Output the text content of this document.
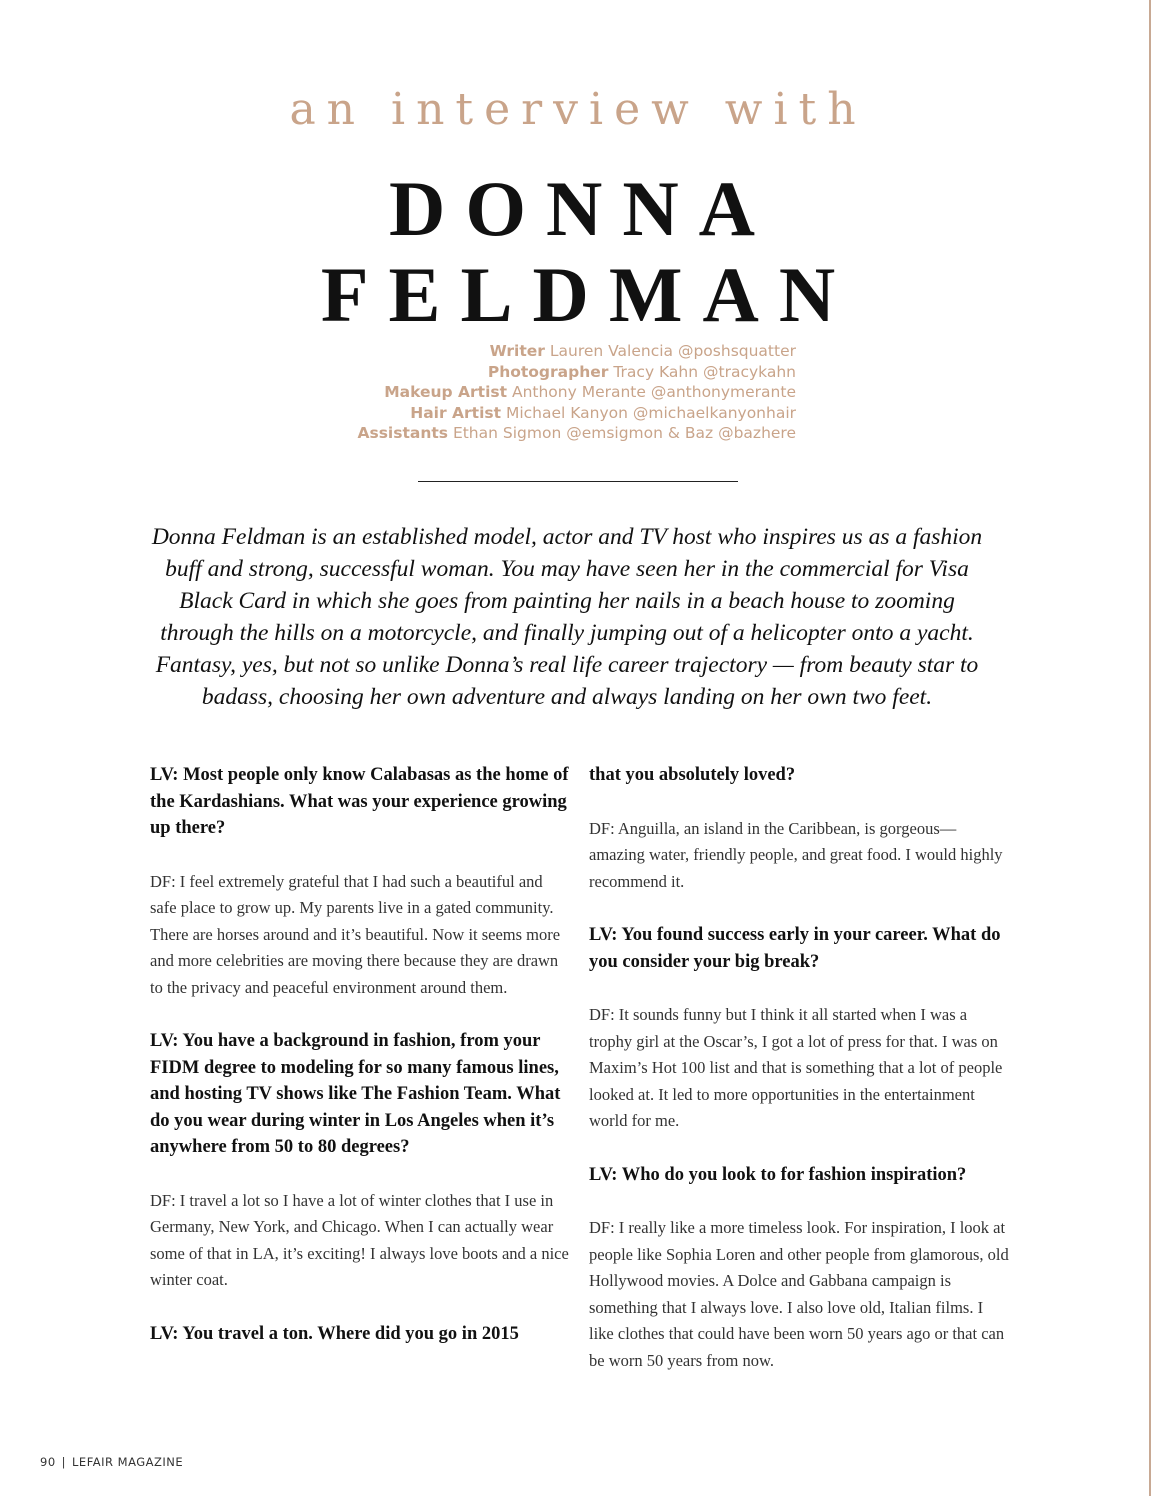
an interview with
DONNA
FELDMAN
Writer Lauren Valencia @poshsquatter
Photographer Tracy Kahn @tracykahn
Makeup Artist Anthony Merante @anthonymerante
Hair Artist Michael Kanyon @michaelkanyonhair
Assistants Ethan Sigmon @emsigmon & Baz @bazhere

Donna Feldman is an established model, actor and TV host who inspires us as a fashion buff and strong, successful woman. You may have seen her in the commercial for Visa Black Card in which she goes from painting her nails in a beach house to zooming through the hills on a motorcycle, and finally jumping out of a helicopter onto a yacht. Fantasy, yes, but not so unlike Donna’s real life career trajectory — from beauty star to badass, choosing her own adventure and always landing on her own two feet.

LV: Most people only know Calabasas as the home of the Kardashians. What was your experience growing up there?

DF: I feel extremely grateful that I had such a beautiful and safe place to grow up. My parents live in a gated community. There are horses around and it’s beautiful. Now it seems more and more celebrities are moving there because they are drawn to the privacy and peaceful environment around them.

LV: You have a background in fashion, from your FIDM degree to modeling for so many famous lines, and hosting TV shows like The Fashion Team. What do you wear during winter in Los Angeles when it’s anywhere from 50 to 80 degrees?

DF: I travel a lot so I have a lot of winter clothes that I use in Germany, New York, and Chicago. When I can actually wear some of that in LA, it’s exciting! I always love boots and a nice winter coat.

LV: You travel a ton. Where did you go in 2015

that you absolutely loved?

DF: Anguilla, an island in the Caribbean, is gorgeous—amazing water, friendly people, and great food. I would highly recommend it.

LV: You found success early in your career. What do you consider your big break?

DF: It sounds funny but I think it all started when I was a trophy girl at the Oscar’s, I got a lot of press for that. I was on Maxim’s Hot 100 list and that is something that a lot of people looked at. It led to more opportunities in the entertainment world for me.

LV: Who do you look to for fashion inspiration?

DF: I really like a more timeless look. For inspiration, I look at people like Sophia Loren and other people from glamorous, old Hollywood movies. A Dolce and Gabbana campaign is something that I always love. I also love old, Italian films. I like clothes that could have been worn 50 years ago or that can be worn 50 years from now.

90 | LEFAIR MAGAZINE
